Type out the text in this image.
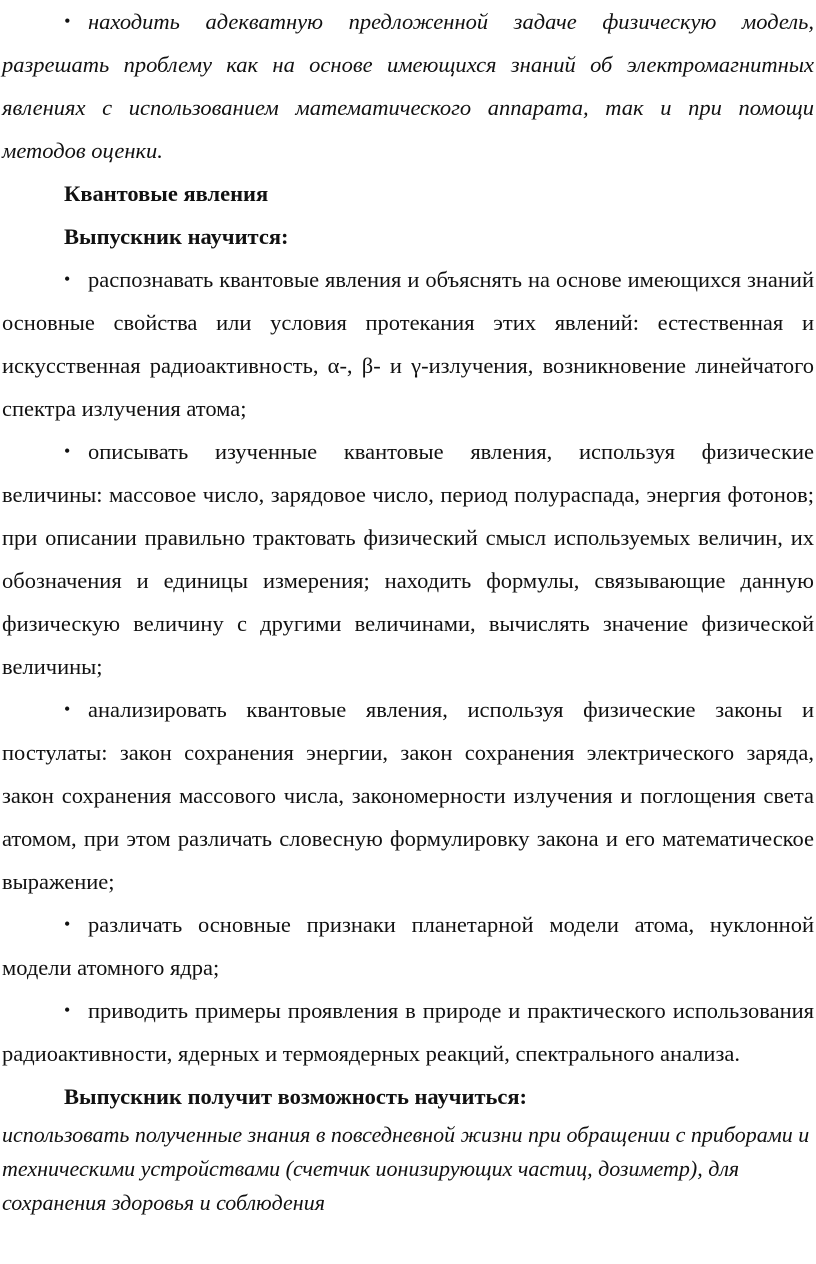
• находить адекватную предложенной задаче физическую модель, разрешать проблему как на основе имеющихся знаний об электромагнитных явлениях с использованием математического аппарата, так и при помощи методов оценки.

Квантовые явления

Выпускник научится:

• распознавать квантовые явления и объяснять на основе имеющихся знаний основные свойства или условия протекания этих явлений: естественная и искусственная радиоактивность, α-, β- и γ-излучения, возникновение линейчатого спектра излучения атома;

• описывать изученные квантовые явления, используя физические величины: массовое число, зарядовое число, период полураспада, энергия фотонов; при описании правильно трактовать физический смысл используемых величин, их обозначения и единицы измерения; находить формулы, связывающие данную физическую величину с другими величинами, вычислять значение физической величины;

• анализировать квантовые явления, используя физические законы и постулаты: закон сохранения энергии, закон сохранения электрического заряда, закон сохранения массового числа, закономерности излучения и поглощения света атомом, при этом различать словесную формулировку закона и его математическое выражение;

• различать основные признаки планетарной модели атома, нуклонной модели атомного ядра;

• приводить примеры проявления в природе и практического использования радиоактивности, ядерных и термоядерных реакций, спектрального анализа.

Выпускник получит возможность научиться:

использовать полученные знания в повседневной жизни при обращении с приборами и техническими устройствами (счетчик ионизирующих частиц, дозиметр), для сохранения здоровья и соблюдения
